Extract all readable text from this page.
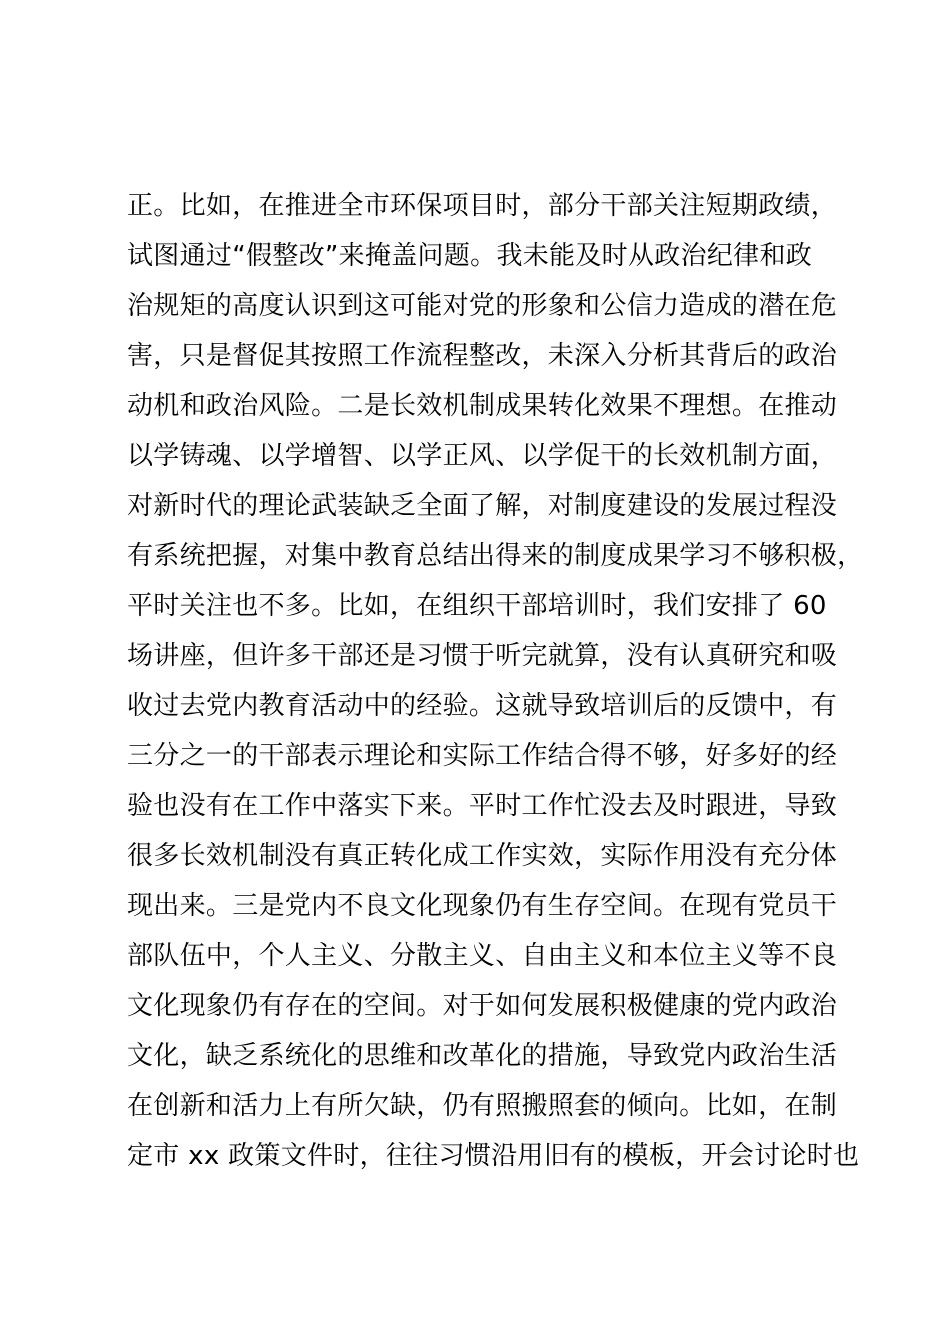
正。比如，在推进全市环保项目时，部分干部关注短期政绩，
试图通过“假整改”来掩盖问题。我未能及时从政治纪律和政
治规矩的高度认识到这可能对党的形象和公信力造成的潜在危
害，只是督促其按照工作流程整改，未深入分析其背后的政治
动机和政治风险。二是长效机制成果转化效果不理想。在推动
以学铸魂、以学增智、以学正风、以学促干的长效机制方面，
对新时代的理论武装缺乏全面了解，对制度建设的发展过程没
有系统把握，对集中教育总结出得来的制度成果学习不够积极，
平时关注也不多。比如，在组织干部培训时，我们安排了 60
场讲座，但许多干部还是习惯于听完就算，没有认真研究和吸
收过去党内教育活动中的经验。这就导致培训后的反馈中，有
三分之一的干部表示理论和实际工作结合得不够，好多好的经
验也没有在工作中落实下来。平时工作忙没去及时跟进，导致
很多长效机制没有真正转化成工作实效，实际作用没有充分体
现出来。三是党内不良文化现象仍有生存空间。在现有党员干
部队伍中，个人主义、分散主义、自由主义和本位主义等不良
文化现象仍有存在的空间。对于如何发展积极健康的党内政治
文化，缺乏系统化的思维和改革化的措施，导致党内政治生活
在创新和活力上有所欠缺，仍有照搬照套的倾向。比如，在制
定市 xx 政策文件时，往往习惯沿用旧有的模板，开会讨论时也
